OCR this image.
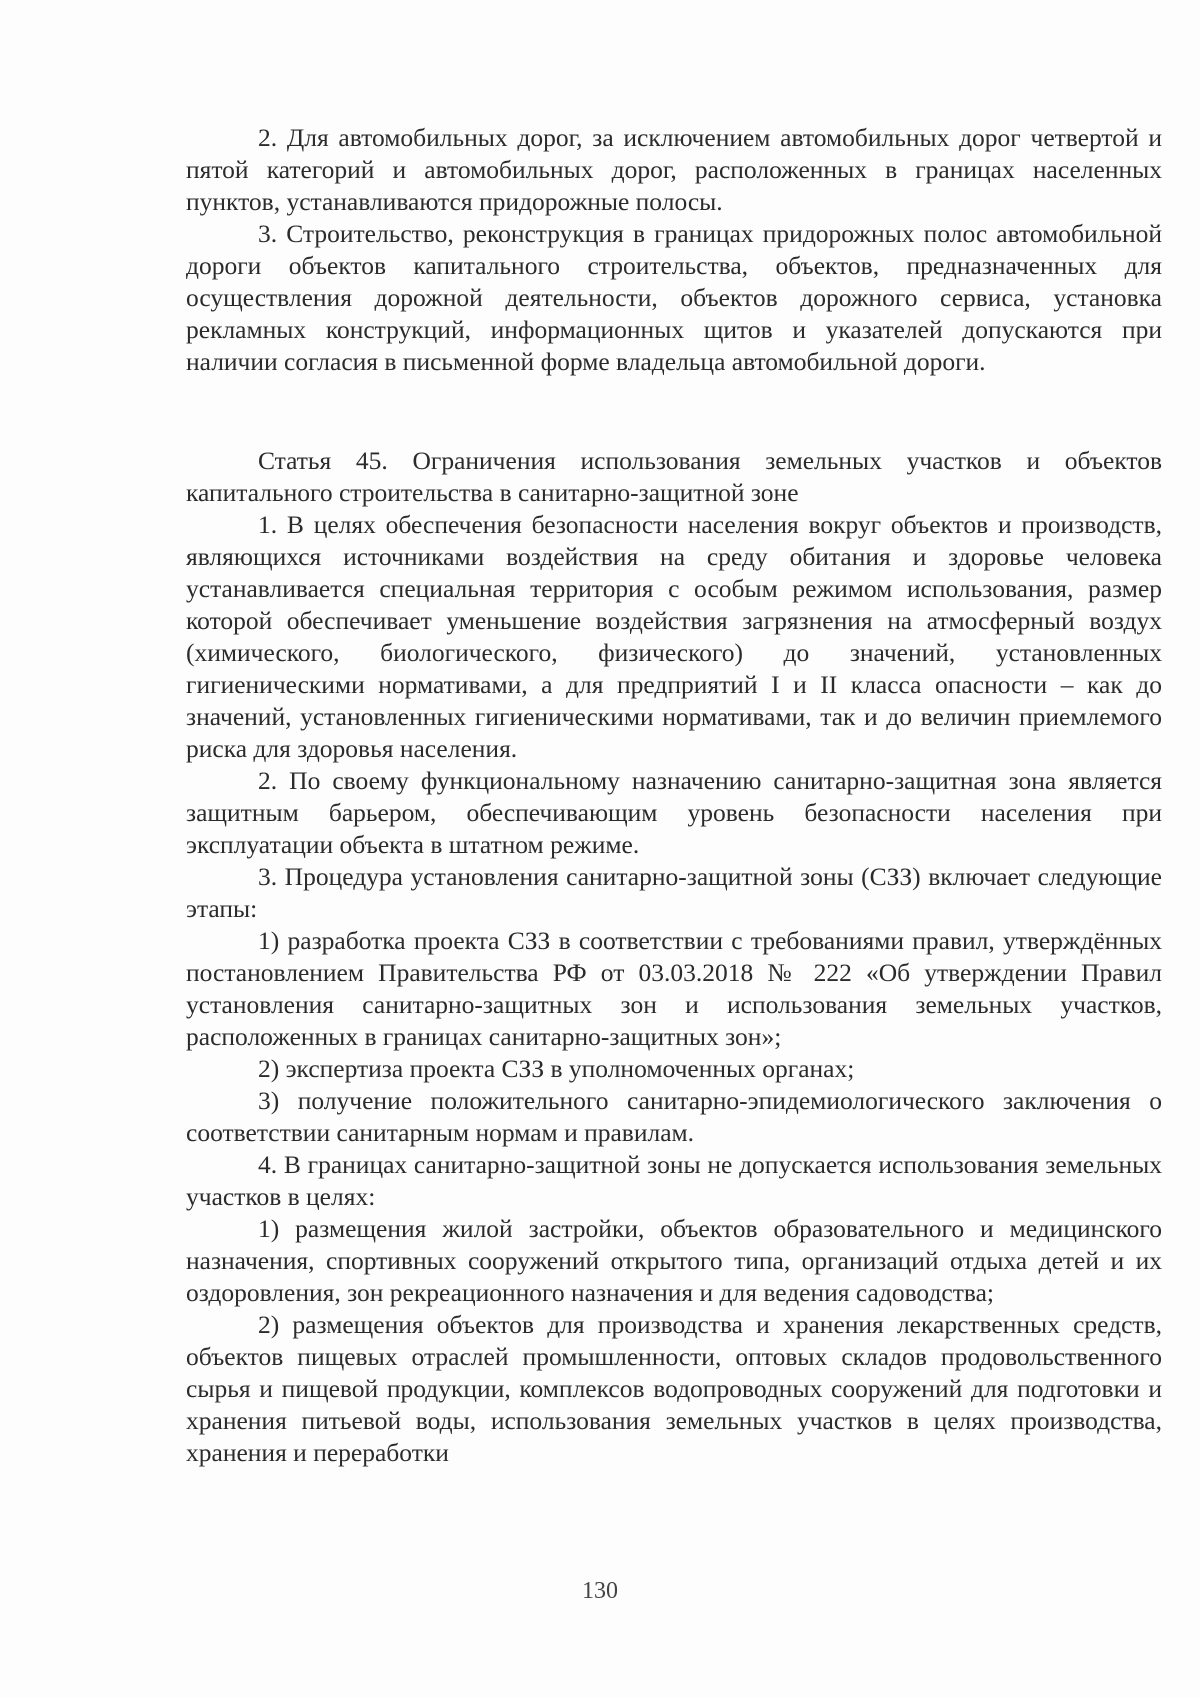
2. Для автомобильных дорог, за исключением автомобильных дорог четвертой и пятой категорий и автомобильных дорог, расположенных в границах населенных пунктов, устанавливаются придорожные полосы.

3. Строительство, реконструкция в границах придорожных полос автомобильной дороги объектов капитального строительства, объектов, предназначенных для осуществления дорожной деятельности, объектов дорожного сервиса, установка рекламных конструкций, информационных щитов и указателей допускаются при наличии согласия в письменной форме владельца автомобильной дороги.

Статья 45. Ограничения использования земельных участков и объектов капитального строительства в санитарно-защитной зоне

1. В целях обеспечения безопасности населения вокруг объектов и производств, являющихся источниками воздействия на среду обитания и здоровье человека устанавливается специальная территория с особым режимом использования, размер которой обеспечивает уменьшение воздействия загрязнения на атмосферный воздух (химического, биологического, физического) до значений, установленных гигиеническими нормативами, а для предприятий I и II класса опасности – как до значений, установленных гигиеническими нормативами, так и до величин приемлемого риска для здоровья населения.

2. По своему функциональному назначению санитарно-защитная зона является защитным барьером, обеспечивающим уровень безопасности населения при эксплуатации объекта в штатном режиме.

3. Процедура установления санитарно-защитной зоны (СЗЗ) включает следующие этапы:

1) разработка проекта СЗЗ в соответствии с требованиями правил, утверждённых постановлением Правительства РФ от 03.03.2018 № 222 «Об утверждении Правил установления санитарно-защитных зон и использования земельных участков, расположенных в границах санитарно-защитных зон»;

2) экспертиза проекта СЗЗ в уполномоченных органах;

3) получение положительного санитарно-эпидемиологического заключения о соответствии санитарным нормам и правилам.

4. В границах санитарно-защитной зоны не допускается использования земельных участков в целях:

1) размещения жилой застройки, объектов образовательного и медицинского назначения, спортивных сооружений открытого типа, организаций отдыха детей и их оздоровления, зон рекреационного назначения и для ведения садоводства;

2) размещения объектов для производства и хранения лекарственных средств, объектов пищевых отраслей промышленности, оптовых складов продовольственного сырья и пищевой продукции, комплексов водопроводных сооружений для подготовки и хранения питьевой воды, использования земельных участков в целях производства, хранения и переработки

130
